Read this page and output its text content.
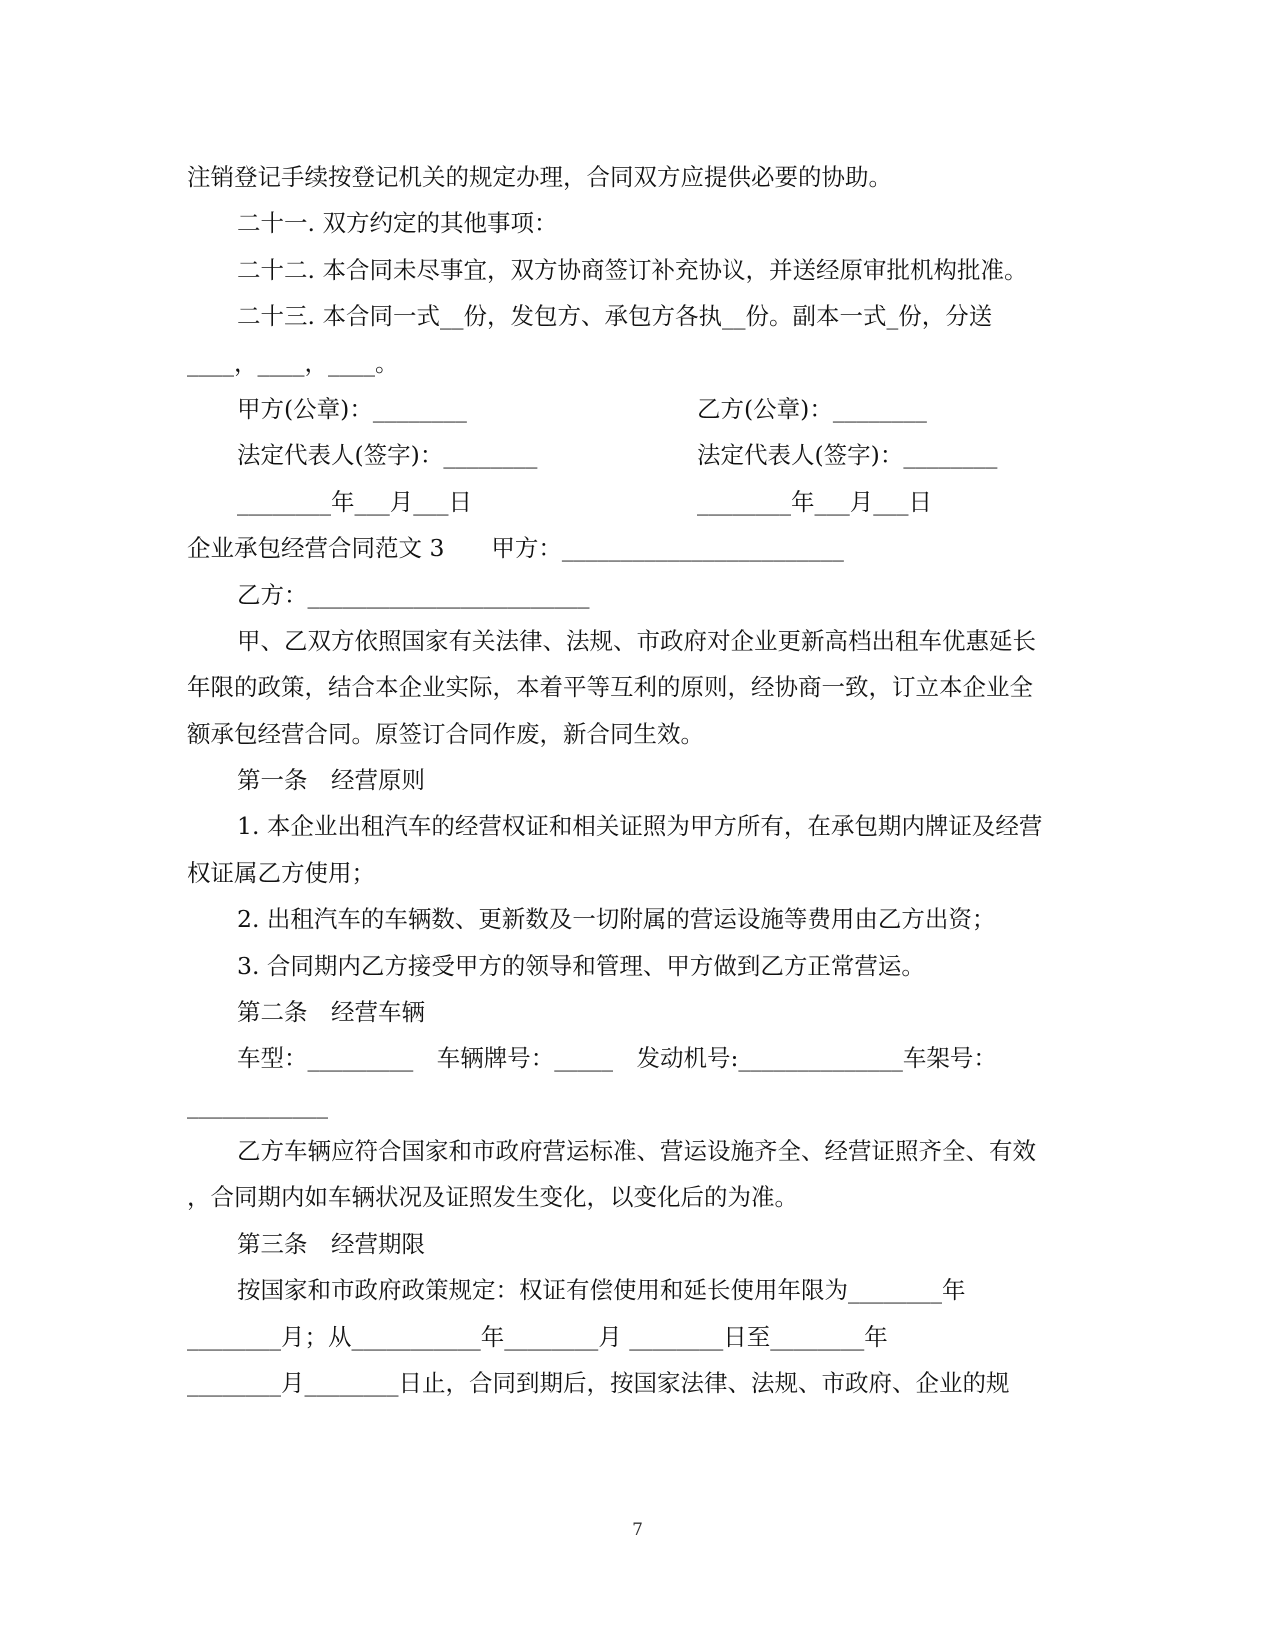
注销登记手续按登记机关的规定办理，合同双方应提供必要的协助。
二十一. 双方约定的其他事项：
二十二. 本合同未尽事宜，双方协商签订补充协议，并送经原审批机构批准。
二十三. 本合同一式__份，发包方、承包方各执__份。副本一式_份，分送
____，____，____。
甲方(公章)：________	乙方(公章)：________
法定代表人(签字)：________	法定代表人(签字)：________
________年___月___日	________年___月___日
企业承包经营合同范文 3　　甲方：________________________
乙方：________________________
甲、乙双方依照国家有关法律、法规、市政府对企业更新高档出租车优惠延长
年限的政策，结合本企业实际，本着平等互利的原则，经协商一致，订立本企业全
额承包经营合同。原签订合同作废，新合同生效。
第一条　经营原则
1. 本企业出租汽车的经营权证和相关证照为甲方所有，在承包期内牌证及经营
权证属乙方使用；
2. 出租汽车的车辆数、更新数及一切附属的营运设施等费用由乙方出资；
3. 合同期内乙方接受甲方的领导和管理、甲方做到乙方正常营运。
第二条　经营车辆
车型：_________　车辆牌号：_____　发动机号:______________车架号：
____________
乙方车辆应符合国家和市政府营运标准、营运设施齐全、经营证照齐全、有效
，合同期内如车辆状况及证照发生变化，以变化后的为准。
第三条　经营期限
按国家和市政府政策规定：权证有偿使用和延长使用年限为________年
________月；从___________年________月 ________日至________年
________月________日止，合同到期后，按国家法律、法规、市政府、企业的规
7
